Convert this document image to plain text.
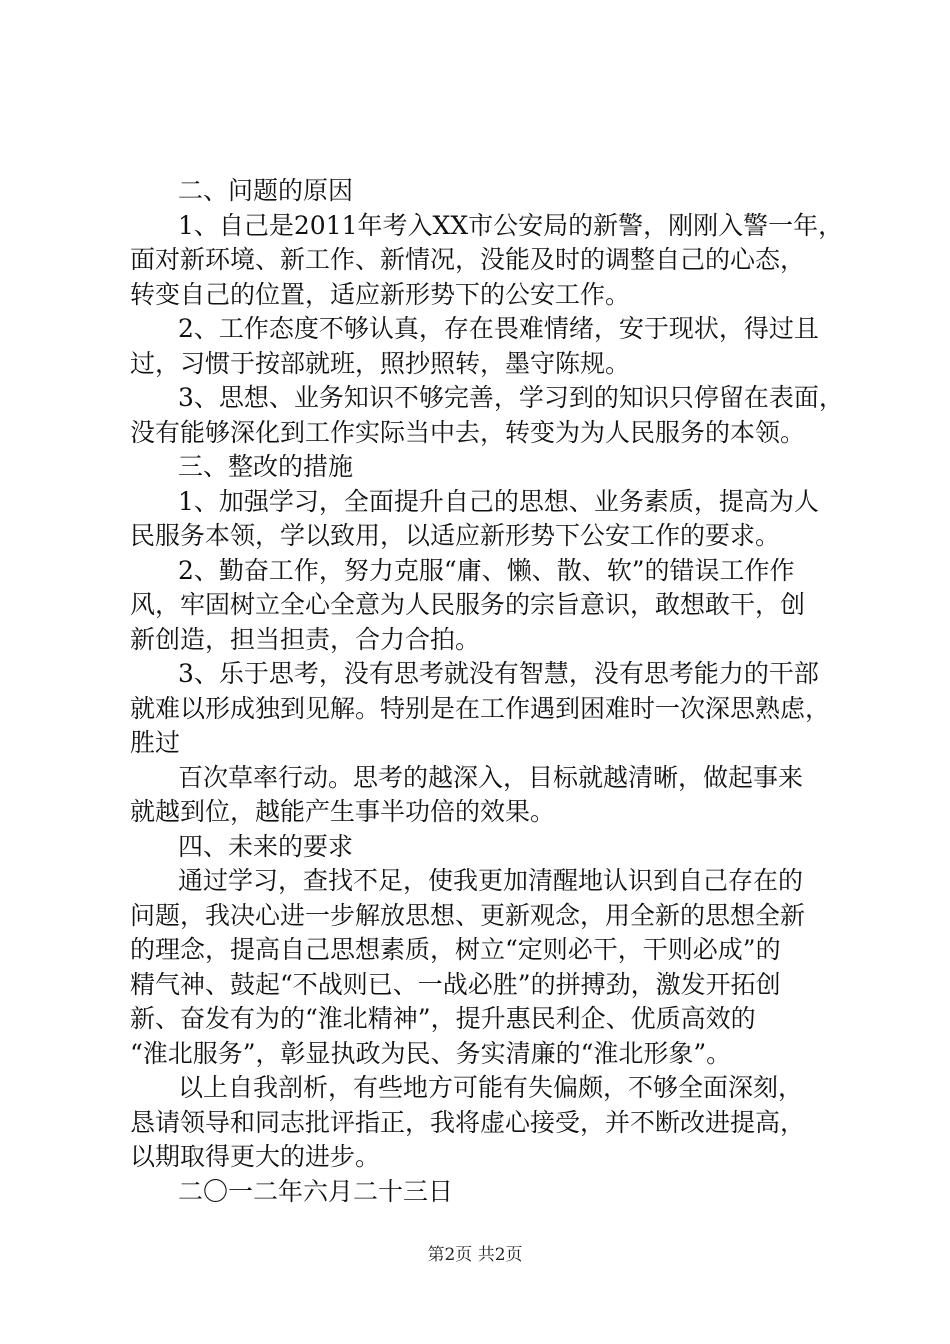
二、问题的原因
1、自己是2011年考入XX市公安局的新警，刚刚入警一年，
面对新环境、新工作、新情况，没能及时的调整自己的心态，
转变自己的位置，适应新形势下的公安工作。
2、工作态度不够认真，存在畏难情绪，安于现状，得过且
过，习惯于按部就班，照抄照转，墨守陈规。
3、思想、业务知识不够完善，学习到的知识只停留在表面，
没有能够深化到工作实际当中去，转变为为人民服务的本领。
三、整改的措施
1、加强学习，全面提升自己的思想、业务素质，提高为人
民服务本领，学以致用，以适应新形势下公安工作的要求。
2、勤奋工作，努力克服“庸、懒、散、软”的错误工作作
风，牢固树立全心全意为人民服务的宗旨意识，敢想敢干，创
新创造，担当担责，合力合拍。
3、乐于思考，没有思考就没有智慧，没有思考能力的干部
就难以形成独到见解。特别是在工作遇到困难时一次深思熟虑，
胜过
百次草率行动。思考的越深入，目标就越清晰，做起事来
就越到位，越能产生事半功倍的效果。
四、未来的要求
通过学习，查找不足，使我更加清醒地认识到自己存在的
问题，我决心进一步解放思想、更新观念，用全新的思想全新
的理念，提高自己思想素质，树立“定则必干，干则必成”的
精气神、鼓起“不战则已、一战必胜”的拼搏劲，激发开拓创
新、奋发有为的“淮北精神”，提升惠民利企、优质高效的
“淮北服务”，彰显执政为民、务实清廉的“淮北形象”。
以上自我剖析，有些地方可能有失偏颇，不够全面深刻，
恳请领导和同志批评指正，我将虚心接受，并不断改进提高，
以期取得更大的进步。
二〇一二年六月二十三日
第2页 共2页
